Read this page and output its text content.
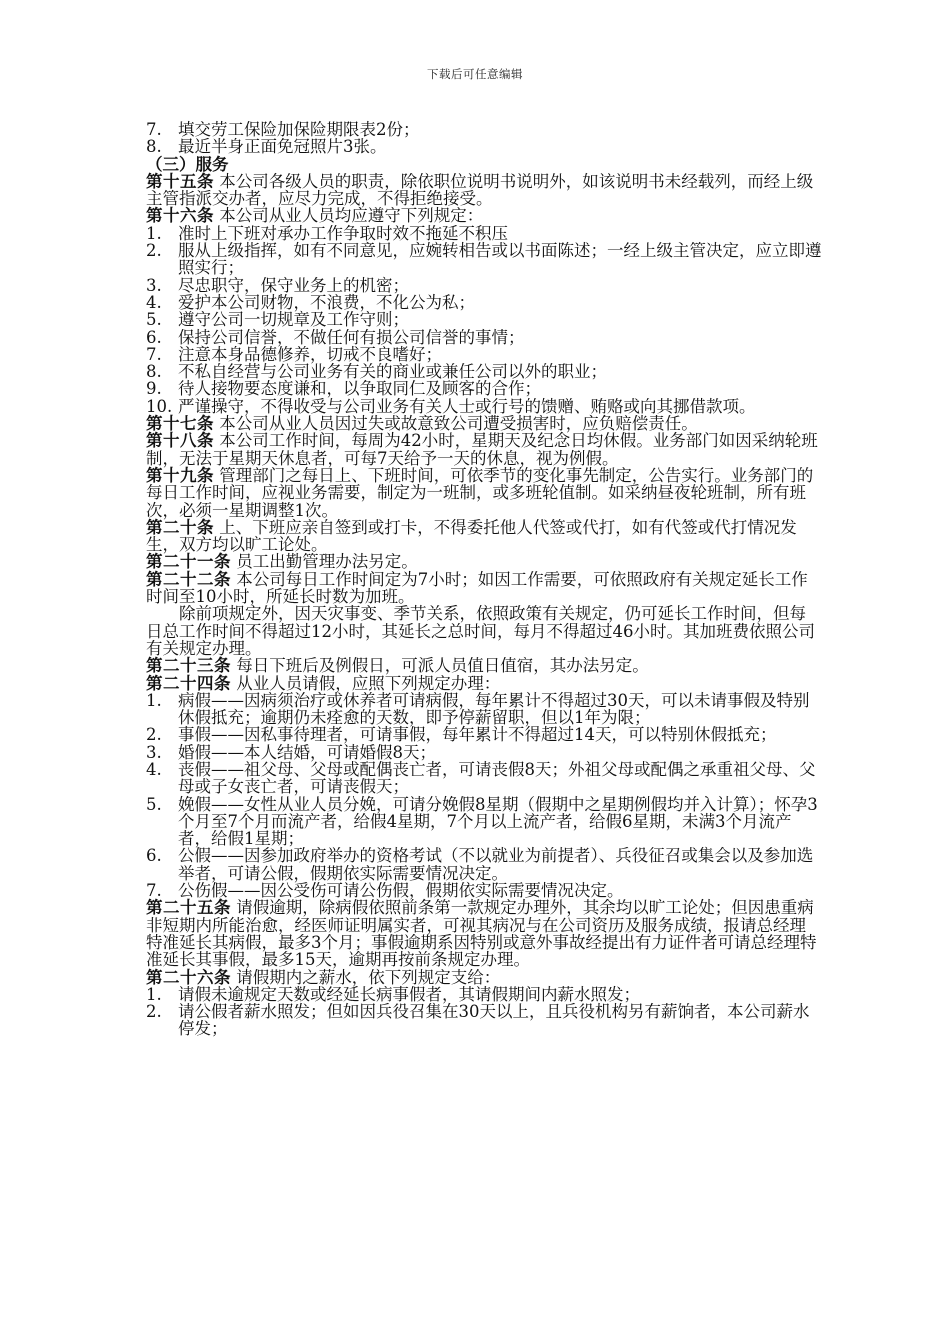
下载后可任意编辑
7. 填交劳工保险加保险期限表2份；
8. 最近半身正面免冠照片3张。

（三）服务

第十五条 本公司各级人员的职责，除依职位说明书说明外，如该说明书未经载列，而经上级主管指派交办者，应尽力完成，不得拒绝接受。

第十六条 本公司从业人员均应遵守下列规定：

1. 准时上下班对承办工作争取时效不拖延不积压
2. 服从上级指挥，如有不同意见，应婉转相告或以书面陈述；一经上级主管决定，应立即遵照实行；
3. 尽忠职守，保守业务上的机密；
4. 爱护本公司财物，不浪费，不化公为私；
5. 遵守公司一切规章及工作守则；
6. 保持公司信誉，不做任何有损公司信誉的事情；
7. 注意本身品德修养，切戒不良嗜好；
8. 不私自经营与公司业务有关的商业或兼任公司以外的职业；
9. 待人接物要态度谦和，以争取同仁及顾客的合作；
10. 严谨操守，不得收受与公司业务有关人士或行号的馈赠、贿赂或向其挪借款项。

第十七条 本公司从业人员因过失或故意致公司遭受损害时，应负赔偿责任。

第十八条 本公司工作时间，每周为42小时，星期天及纪念日均休假。业务部门如因采纳轮班制，无法于星期天休息者，可每7天给予一天的休息，视为例假。

第十九条 管理部门之每日上、下班时间，可依季节的变化事先制定，公告实行。业务部门的每日工作时间，应视业务需要，制定为一班制，或多班轮值制。如采纳昼夜轮班制，所有班次，必须一星期调整1次。

第二十条 上、下班应亲自签到或打卡，不得委托他人代签或代打，如有代签或代打情况发生，双方均以旷工论处。

第二十一条 员工出勤管理办法另定。

第二十二条 本公司每日工作时间定为7小时；如因工作需要，可依照政府有关规定延长工作时间至10小时，所延长时数为加班。

除前项规定外，因天灾事变、季节关系，依照政策有关规定，仍可延长工作时间，但每日总工作时间不得超过12小时，其延长之总时间，每月不得超过46小时。其加班费依照公司有关规定办理。

第二十三条 每日下班后及例假日，可派人员值日值宿，其办法另定。

第二十四条 从业人员请假，应照下列规定办理：

1. 病假——因病须治疗或休养者可请病假，每年累计不得超过30天，可以未请事假及特别休假抵充；逾期仍未痊愈的天数，即予停薪留职，但以1年为限；
2. 事假——因私事待理者，可请事假，每年累计不得超过14天，可以特别休假抵充；
3. 婚假——本人结婚，可请婚假8天；
4. 丧假——祖父母、父母或配偶丧亡者，可请丧假8天；外祖父母或配偶之承重祖父母、父母或子女丧亡者，可请丧假天；
5. 娩假——女性从业人员分娩，可请分娩假8星期（假期中之星期例假均并入计算）；怀孕3个月至7个月而流产者，给假4星期，7个月以上流产者，给假6星期，未满3个月流产者，给假1星期；
6. 公假——因参加政府举办的资格考试（不以就业为前提者）、兵役征召或集会以及参加选举者，可请公假，假期依实际需要情况决定。
7. 公伤假——因公受伤可请公伤假，假期依实际需要情况决定。

第二十五条 请假逾期，除病假依照前条第一款规定办理外，其余均以旷工论处；但因患重病非短期内所能治愈，经医师证明属实者，可视其病况与在公司资历及服务成绩，报请总经理特准延长其病假，最多3个月；事假逾期系因特别或意外事故经提出有力证件者可请总经理特准延长其事假，最多15天，逾期再按前条规定办理。

第二十六条 请假期内之薪水，依下列规定支给：

1. 请假未逾规定天数或经延长病事假者，其请假期间内薪水照发；
2. 请公假者薪水照发；但如因兵役召集在30天以上，且兵役机构另有薪饷者，本公司薪水停发；
